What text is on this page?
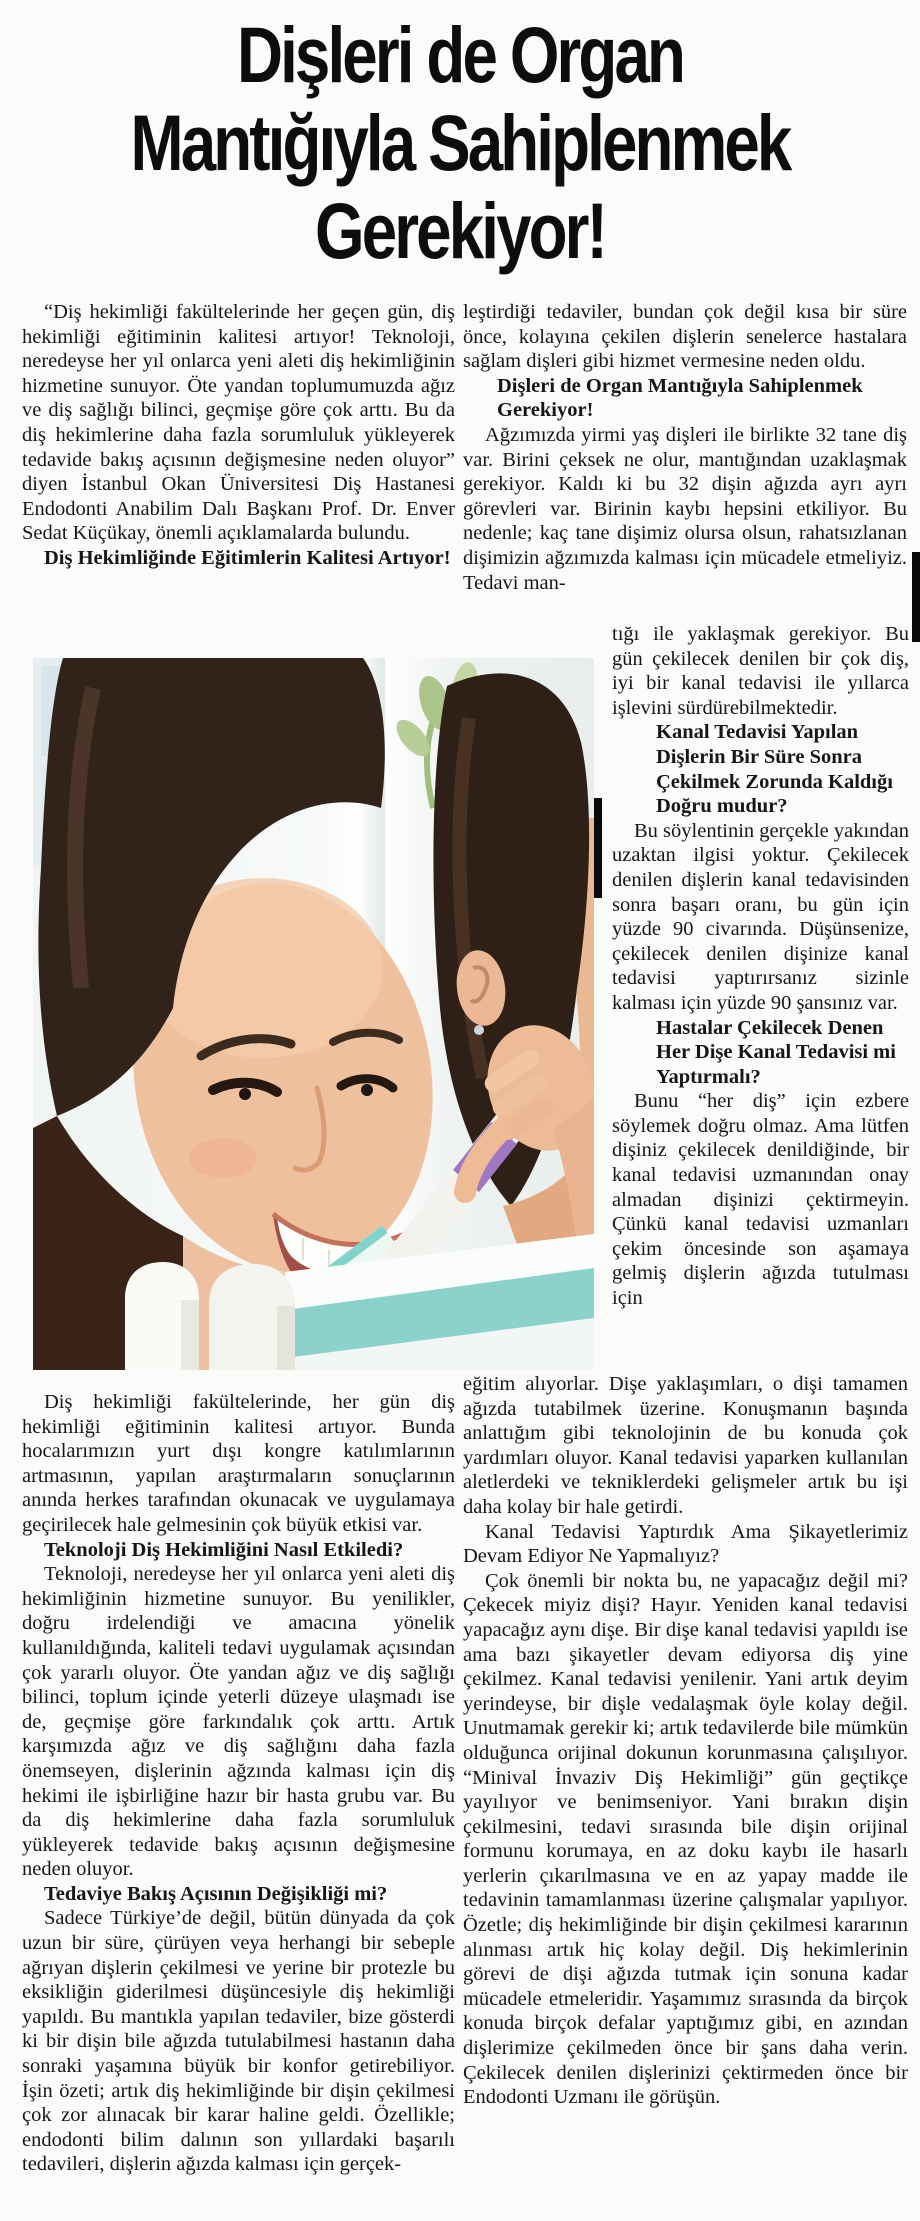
Dişleri de Organ
Mantığıyla Sahiplenmek
Gerekiyor!

“Diş hekimliği fakültelerinde her geçen gün, diş hekimliği eğitiminin kalitesi artıyor! Teknoloji, neredeyse her yıl onlarca yeni aleti diş hekimliğinin hizmetine sunuyor. Öte yandan toplumumuzda ağız ve diş sağlığı bilinci, geçmişe göre çok arttı. Bu da diş hekimlerine daha fazla sorumluluk yükleyerek tedavide bakış açısının değişmesine neden oluyor” diyen İstanbul Okan Üniversitesi Diş Hastanesi Endodonti Anabilim Dalı Başkanı Prof. Dr. Enver Sedat Küçükay, önemli açıklamalarda bulundu.

Diş Hekimliğinde Eğitimlerin Kalitesi Artıyor!

leştirdiği tedaviler, bundan çok değil kısa bir süre önce, kolayına çekilen dişlerin senelerce hastalara sağlam dişleri gibi hizmet vermesine neden oldu.

Dişleri de Organ Mantığıyla Sahiplenmek Gerekiyor!

Ağzımızda yirmi yaş dişleri ile birlikte 32 tane diş var. Birini çeksek ne olur, mantığından uzaklaşmak gerekiyor. Kaldı ki bu 32 dişin ağızda ayrı ayrı görevleri var. Birinin kaybı hepsini etkiliyor. Bu nedenle; kaç tane dişimiz olursa olsun, rahatsızlanan dişimizin ağzımızda kalması için mücadele etmeliyiz. Tedavi man-

tığı ile yaklaşmak gerekiyor. Bu gün çekilecek denilen bir çok diş, iyi bir kanal tedavisi ile yıllarca işlevini sürdürebilmektedir.

Kanal Tedavisi Yapılan Dişlerin Bir Süre Sonra Çekilmek Zorunda Kaldığı Doğru mudur?

Bu söylentinin gerçekle yakından uzaktan ilgisi yoktur. Çekilecek denilen dişlerin kanal tedavisinden sonra başarı oranı, bu gün için yüzde 90 civarında. Düşünsenize, çekilecek denilen dişinize kanal tedavisi yaptırırsanız sizinle kalması için yüzde 90 şansınız var.

Hastalar Çekilecek Denen Her Dişe Kanal Tedavisi mi Yaptırmalı?

Bunu “her diş” için ezbere söylemek doğru olmaz. Ama lütfen dişiniz çekilecek denildiğinde, bir kanal tedavisi uzmanından onay almadan dişinizi çektirmeyin. Çünkü kanal tedavisi uzmanları çekim öncesinde son aşamaya gelmiş dişlerin ağızda tutulması için

eğitim alıyorlar. Dişe yaklaşımları, o dişi tamamen ağızda tutabilmek üzerine. Konuşmanın başında anlattığım gibi teknolojinin de bu konuda çok yardımları oluyor. Kanal tedavisi yaparken kullanılan aletlerdeki ve tekniklerdeki gelişmeler artık bu işi daha kolay bir hale getirdi.

Kanal Tedavisi Yaptırdık Ama Şikayetlerimiz Devam Ediyor Ne Yapmalıyız?

Çok önemli bir nokta bu, ne yapacağız değil mi? Çekecek miyiz dişi? Hayır. Yeniden kanal tedavisi yapacağız aynı dişe. Bir dişe kanal tedavisi yapıldı ise ama bazı şikayetler devam ediyorsa diş yine çekilmez. Kanal tedavisi yenilenir. Yani artık deyim yerindeyse, bir dişle vedalaşmak öyle kolay değil. Unutmamak gerekir ki; artık tedavilerde bile mümkün olduğunca orijinal dokunun korunmasına çalışılıyor. “Minival İnvaziv Diş Hekimliği” gün geçtikçe yayılıyor ve benimseniyor. Yani bırakın dişin çekilmesini, tedavi sırasında bile dişin orijinal formunu korumaya, en az doku kaybı ile hasarlı yerlerin çıkarılmasına ve en az yapay madde ile tedavinin tamamlanması üzerine çalışmalar yapılıyor. Özetle; diş hekimliğinde bir dişin çekilmesi kararının alınması artık hiç kolay değil. Diş hekimlerinin görevi de dişi ağızda tutmak için sonuna kadar mücadele etmeleridir. Yaşamımız sırasında da birçok konuda birçok defalar yaptığımız gibi, en azından dişlerimize çekilmeden önce bir şans daha verin. Çekilecek denilen dişlerinizi çektirmeden önce bir Endodonti Uzmanı ile görüşün.

Diş hekimliği fakültelerinde, her gün diş hekimliği eğitiminin kalitesi artıyor. Bunda hocalarımızın yurt dışı kongre katılımlarının artmasının, yapılan araştırmaların sonuçlarının anında herkes tarafından okunacak ve uygulamaya geçirilecek hale gelmesinin çok büyük etkisi var.

Teknoloji Diş Hekimliğini Nasıl Etkiledi?

Teknoloji, neredeyse her yıl onlarca yeni aleti diş hekimliğinin hizmetine sunuyor. Bu yenilikler, doğru irdelendiği ve amacına yönelik kullanıldığında, kaliteli tedavi uygulamak açısından çok yararlı oluyor. Öte yandan ağız ve diş sağlığı bilinci, toplum içinde yeterli düzeye ulaşmadı ise de, geçmişe göre farkındalık çok arttı. Artık karşımızda ağız ve diş sağlığını daha fazla önemseyen, dişlerinin ağzında kalması için diş hekimi ile işbirliğine hazır bir hasta grubu var. Bu da diş hekimlerine daha fazla sorumluluk yükleyerek tedavide bakış açısının değişmesine neden oluyor.

Tedaviye Bakış Açısının Değişikliği mi?

Sadece Türkiye’de değil, bütün dünyada da çok uzun bir süre, çürüyen veya herhangi bir sebeple ağrıyan dişlerin çekilmesi ve yerine bir protezle bu eksikliğin giderilmesi düşüncesiyle diş hekimliği yapıldı. Bu mantıkla yapılan tedaviler, bize gösterdi ki bir dişin bile ağızda tutulabilmesi hastanın daha sonraki yaşamına büyük bir konfor getirebiliyor. İşin özeti; artık diş hekimliğinde bir dişin çekilmesi çok zor alınacak bir karar haline geldi. Özellikle; endodonti bilim dalının son yıllardaki başarılı tedavileri, dişlerin ağızda kalması için gerçek-
